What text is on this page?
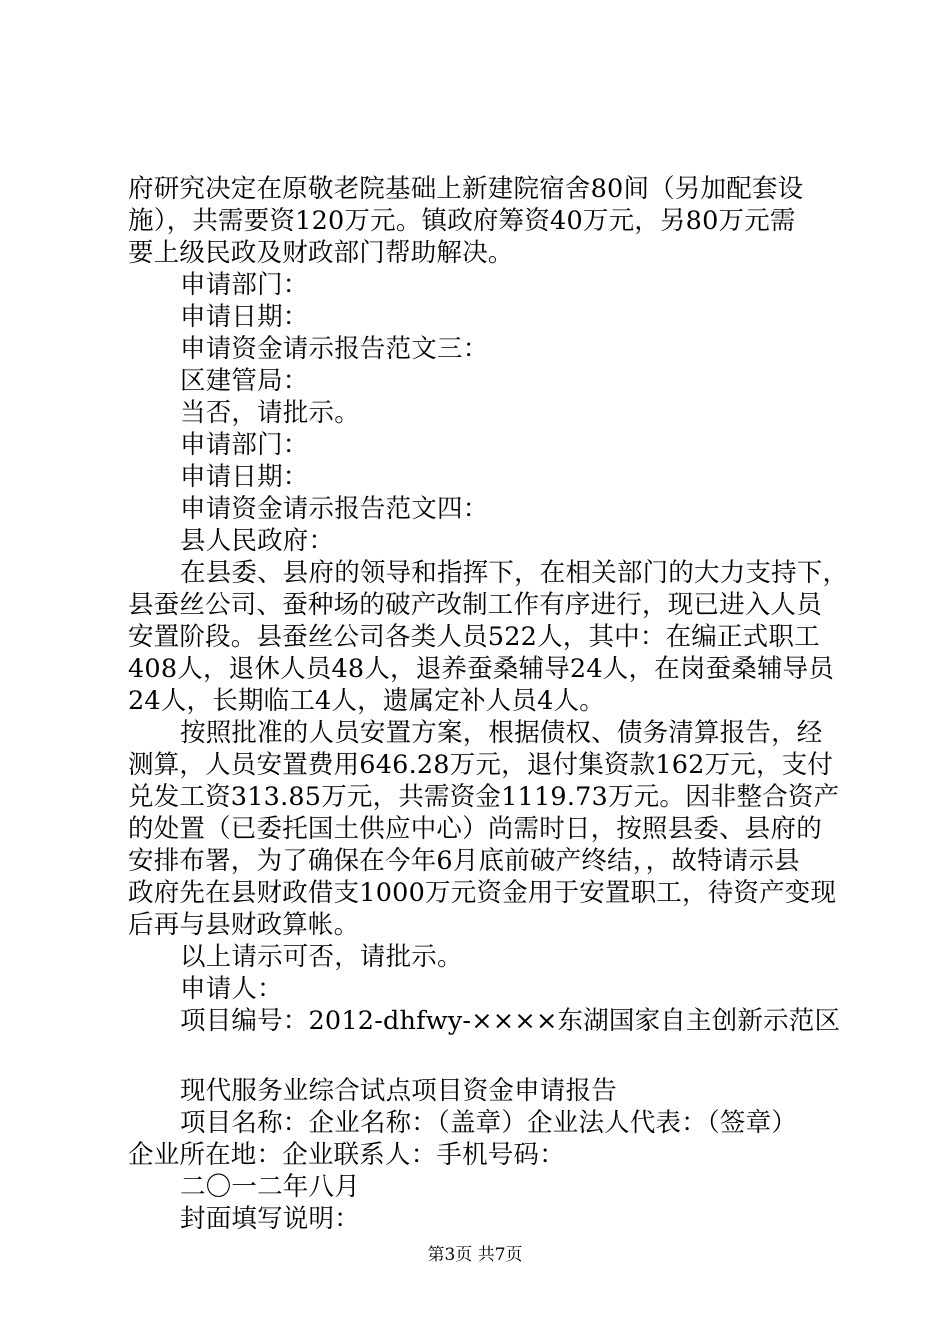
府研究决定在原敬老院基础上新建院宿舍80间（另加配套设
施），共需要资120万元。镇政府筹资40万元，另80万元需
要上级民政及财政部门帮助解决。
申请部门：
申请日期：
申请资金请示报告范文三：
区建管局：
当否，请批示。
申请部门：
申请日期：
申请资金请示报告范文四：
县人民政府：
在县委、县府的领导和指挥下，在相关部门的大力支持下，
县蚕丝公司、蚕种场的破产改制工作有序进行，现已进入人员
安置阶段。县蚕丝公司各类人员522人，其中：在编正式职工
408人，退休人员48人，退养蚕桑辅导24人，在岗蚕桑辅导员
24人，长期临工4人，遗属定补人员4人。
按照批准的人员安置方案，根据债权、债务清算报告，经
测算，人员安置费用646.28万元，退付集资款162万元，支付
兑发工资313.85万元，共需资金1119.73万元。因非整合资产
的处置（已委托国土供应中心）尚需时日，按照县委、县府的
安排布署，为了确保在今年6月底前破产终结，，故特请示县
政府先在县财政借支1000万元资金用于安置职工，待资产变现
后再与县财政算帐。
以上请示可否，请批示。
申请人：
项目编号：2012-dhfwy-××××东湖国家自主创新示范区
现代服务业综合试点项目资金申请报告
项目名称：企业名称：（盖章）企业法人代表：（签章）
企业所在地：企业联系人：手机号码：
二〇一二年八月
封面填写说明：
第3页 共7页
